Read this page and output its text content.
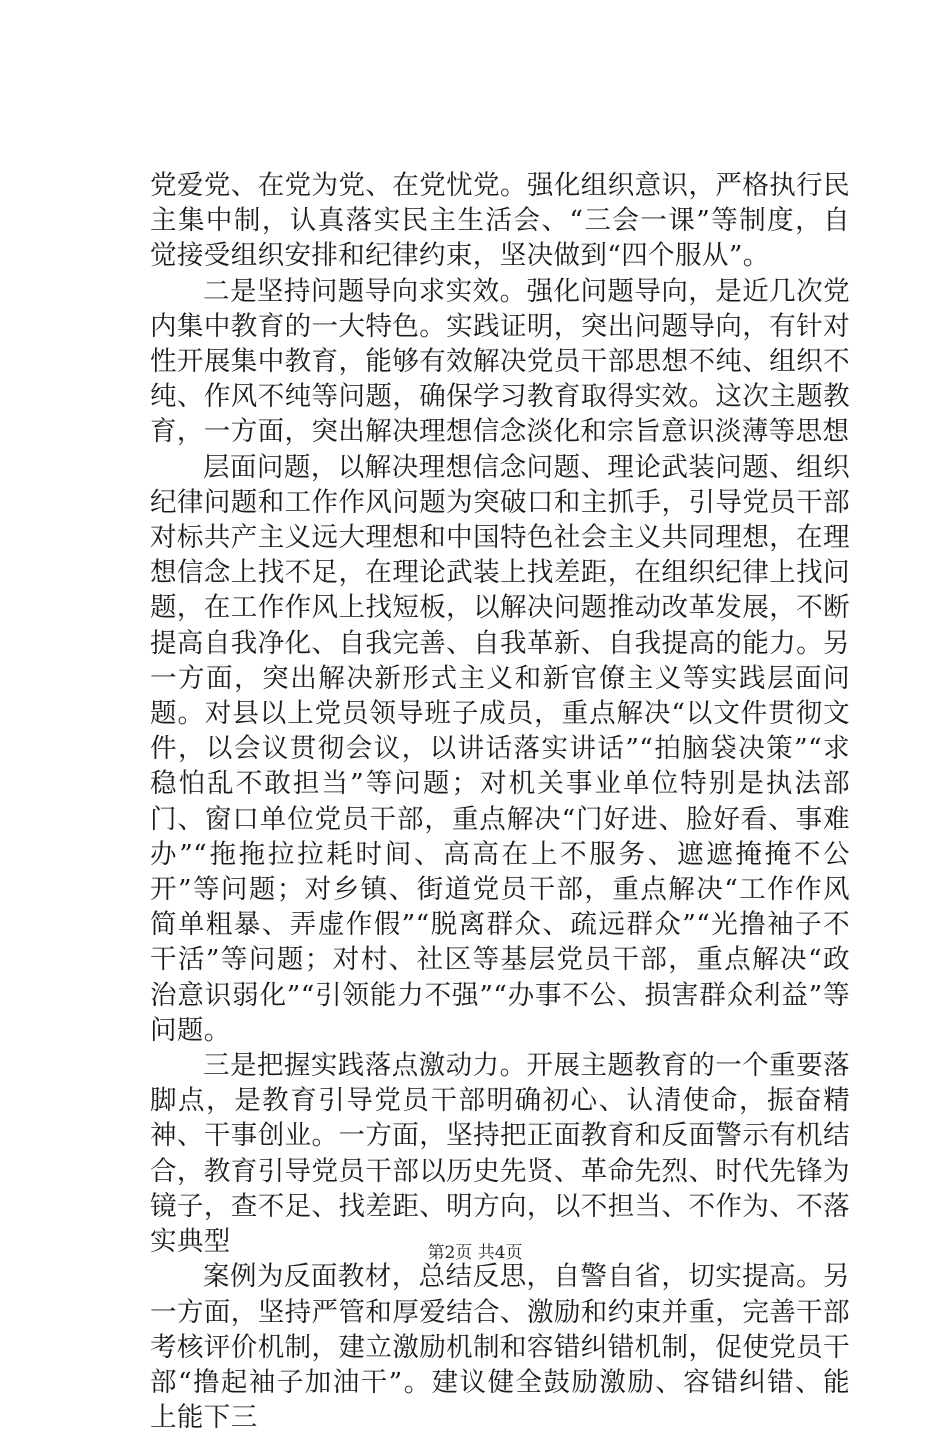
党爱党、在党为党、在党忧党。强化组织意识，严格执行民主集中制，认真落实民主生活会、“三会一课”等制度，自觉接受组织安排和纪律约束，坚决做到“四个服从”。

二是坚持问题导向求实效。强化问题导向，是近几次党内集中教育的一大特色。实践证明，突出问题导向，有针对性开展集中教育，能够有效解决党员干部思想不纯、组织不纯、作风不纯等问题，确保学习教育取得实效。这次主题教育，一方面，突出解决理想信念淡化和宗旨意识淡薄等思想

层面问题，以解决理想信念问题、理论武装问题、组织纪律问题和工作作风问题为突破口和主抓手，引导党员干部对标共产主义远大理想和中国特色社会主义共同理想，在理想信念上找不足，在理论武装上找差距，在组织纪律上找问题，在工作作风上找短板，以解决问题推动改革发展，不断提高自我净化、自我完善、自我革新、自我提高的能力。另一方面，突出解决新形式主义和新官僚主义等实践层面问题。对县以上党员领导班子成员，重点解决“以文件贯彻文件，以会议贯彻会议，以讲话落实讲话”“拍脑袋决策”“求稳怕乱不敢担当”等问题；对机关事业单位特别是执法部门、窗口单位党员干部，重点解决“门好进、脸好看、事难办”“拖拖拉拉耗时间、高高在上不服务、遮遮掩掩不公开”等问题；对乡镇、街道党员干部，重点解决“工作作风简单粗暴、弄虚作假”“脱离群众、疏远群众”“光撸袖子不干活”等问题；对村、社区等基层党员干部，重点解决“政治意识弱化”“引领能力不强”“办事不公、损害群众利益”等问题。

三是把握实践落点激动力。开展主题教育的一个重要落脚点，是教育引导党员干部明确初心、认清使命，振奋精神、干事创业。一方面，坚持把正面教育和反面警示有机结合，教育引导党员干部以历史先贤、革命先烈、时代先锋为镜子，查不足、找差距、明方向，以不担当、不作为、不落实典型

案例为反面教材，总结反思，自警自省，切实提高。另一方面，坚持严管和厚爱结合、激励和约束并重，完善干部考核评价机制，建立激励机制和容错纠错机制，促使党员干部“撸起袖子加油干”。建议健全鼓励激励、容错纠错、能上能下三

第2页 共4页
